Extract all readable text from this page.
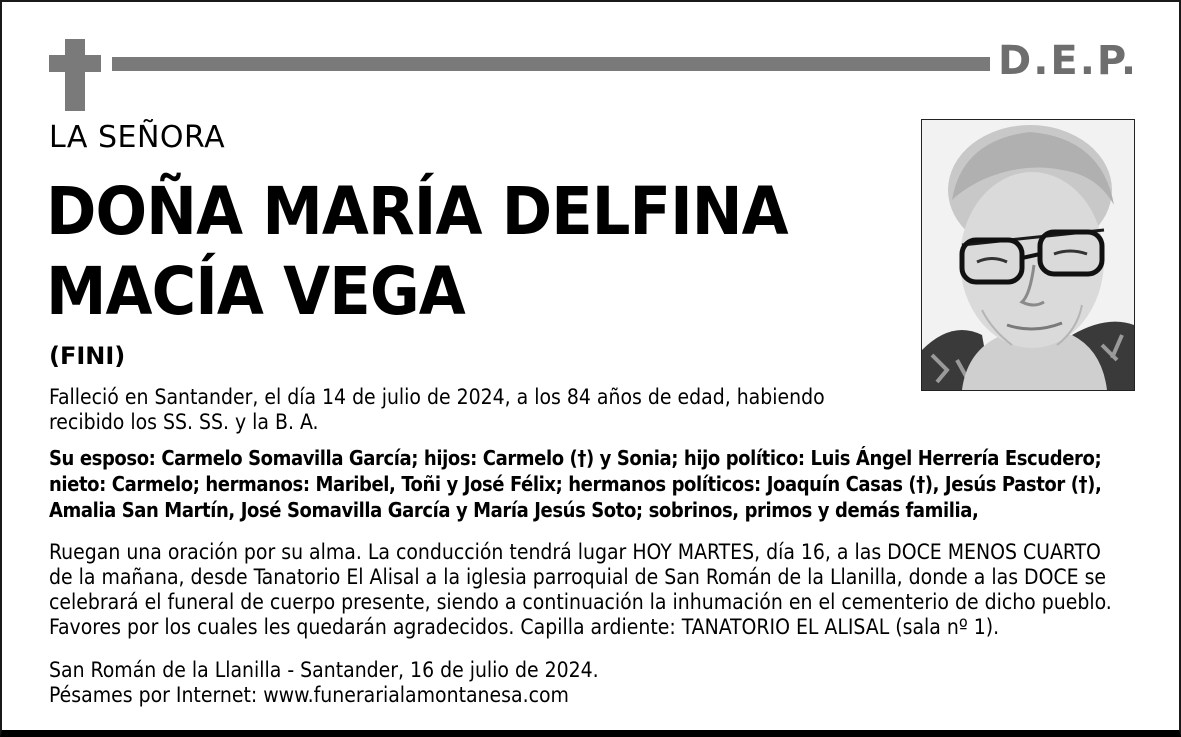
D.E.P.
LA SEÑORA
DOÑA MARÍA DELFINA
MACÍA VEGA
(FINI)

Falleció en Santander, el día 14 de julio de 2024, a los 84 años de edad, habiendo
recibido los SS. SS. y la B. A.

Su esposo: Carmelo Somavilla García; hijos: Carmelo (†) y Sonia; hijo político: Luis Ángel Herrería Escudero;
nieto: Carmelo; hermanos: Maribel, Toñi y José Félix; hermanos políticos: Joaquín Casas (†), Jesús Pastor (†),
Amalia San Martín, José Somavilla García y María Jesús Soto; sobrinos, primos y demás familia,

Ruegan una oración por su alma. La conducción tendrá lugar HOY MARTES, día 16, a las DOCE MENOS CUARTO
de la mañana, desde Tanatorio El Alisal a la iglesia parroquial de San Román de la Llanilla, donde a las DOCE se
celebrará el funeral de cuerpo presente, siendo a continuación la inhumación en el cementerio de dicho pueblo.
Favores por los cuales les quedarán agradecidos. Capilla ardiente: TANATORIO EL ALISAL (sala nº 1).

San Román de la Llanilla - Santander, 16 de julio de 2024.
Pésames por Internet: www.funerarialamontanesa.com
